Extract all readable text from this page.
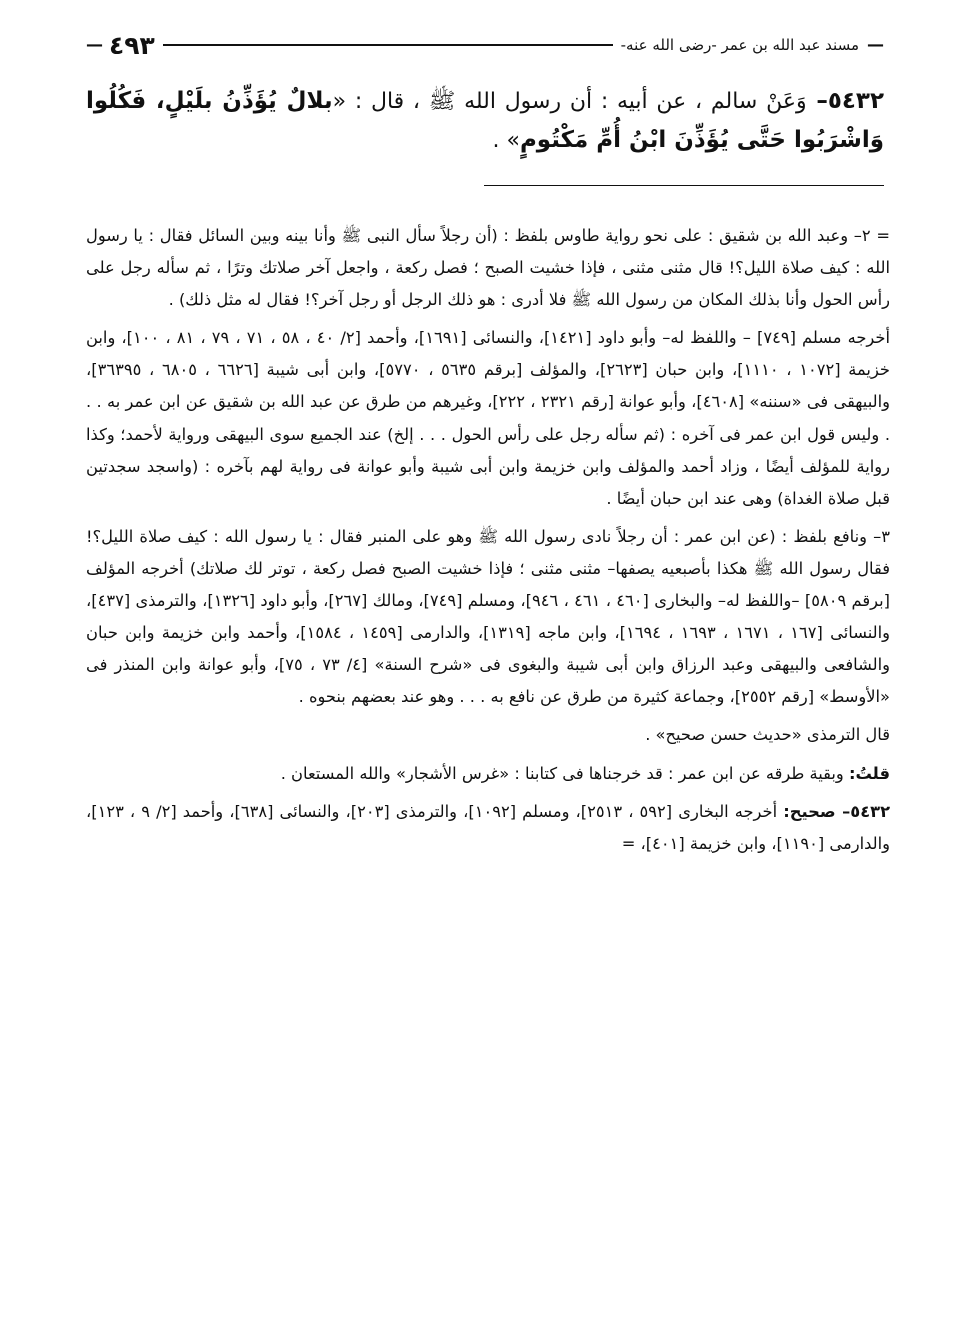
— ٤٩٣	مسند عبد الله بن عمر -رضى الله عنه- —
٥٤٣٢– وَعَنْ سالم ، عن أبيه : أن رسول الله ﷺ ، قال : «بلالٌ يُؤَذِّنُ بلَيْلٍ، فَكُلُوا وَاشْرَبُوا حَتَّى يُؤَذِّنَ ابْنُ أُمِّ مَكْتُومٍ» .

= ٢– وعبد الله بن شقيق : على نحو رواية طاوس بلفظ : (أن رجلاً سأل النبى ﷺ وأنا بينه وبين السائل فقال : يا رسول الله : كيف صلاة الليل؟! قال مثنى مثنى ، فإذا خشيت الصبح ؛ فصل ركعة ، واجعل آخر صلاتك وترًا ، ثم سأله رجل على رأس الحول وأنا بذلك المكان من رسول الله ﷺ فلا أدرى : هو ذلك الرجل أو رجل آخر؟! فقال له مثل ذلك) .

أخرجه مسلم [٧٤٩] – واللفظ له– وأبو داود [١٤٢١]، والنسائى [١٦٩١]، وأحمد [٢/ ٤٠ ، ٥٨ ، ٧١ ، ٧٩ ، ٨١ ، ١٠٠]، وابن خزيمة [١٠٧٢ ، ١١١٠]، وابن حبان [٢٦٢٣]، والمؤلف [برقم ٥٦٣٥ ، ٥٧٧٠]، وابن أبى شيبة [٦٦٢٦ ، ٦٨٠٥ ، ٣٦٣٩٥]، والبيهقى فى «سننه» [٤٦٠٨]، وأبو عوانة [رقم ٢٣٢١ ، ٢٢٢]، وغيرهم من طرق عن عبد الله بن شقيق عن ابن عمر به . . . وليس قول ابن عمر فى آخره : (ثم سأله رجل على رأس الحول . . . إلخ) عند الجميع سوى البيهقى ورواية لأحمد؛ وكذا رواية للمؤلف أيضًا ، وزاد أحمد والمؤلف وابن خزيمة وابن أبى شيبة وأبو عوانة فى رواية لهم بآخره : (واسجد سجدتين قبل صلاة الغداة) وهى عند ابن حبان أيضًا .

٣– ونافع بلفظ : (عن ابن عمر : أن رجلاً نادى رسول الله ﷺ وهو على المنبر فقال : يا رسول الله : كيف صلاة الليل؟! فقال رسول الله ﷺ هكذا بأصبعيه يصفها– مثنى مثنى ؛ فإذا خشيت الصبح فصل ركعة ، توتر لك صلاتك) أخرجه المؤلف [برقم ٥٨٠٩] –واللفظ له– والبخارى [٤٦٠ ، ٤٦١ ، ٩٤٦]، ومسلم [٧٤٩]، ومالك [٢٦٧]، وأبو داود [١٣٢٦]، والترمذى [٤٣٧]، والنسائى [١٦٧ ، ١٦٧١ ، ١٦٩٣ ، ١٦٩٤]، وابن ماجه [١٣١٩]، والدارمى [١٤٥٩ ، ١٥٨٤]، وأحمد وابن خزيمة وابن حبان والشافعى والبيهقى وعبد الرزاق وابن أبى شيبة والبغوى فى «شرح السنة» [٤/ ٧٣ ، ٧٥]، وأبو عوانة وابن المنذر فى «الأوسط» [رقم ٢٥٥٢]، وجماعة كثيرة من طرق عن نافع به . . . وهو عند بعضهم بنحوه .

قال الترمذى «حديث حسن صحيح» .

قلتُ: وبقية طرقه عن ابن عمر : قد خرجناها فى كتابنا : «غرس الأشجار» والله المستعان .

٥٤٣٢– صحيح: أخرجه البخارى [٥٩٢ ، ٢٥١٣]، ومسلم [١٠٩٢]، والترمذى [٢٠٣]، والنسائى [٦٣٨]، وأحمد [٢/ ٩ ، ١٢٣]، والدارمى [١١٩٠]، وابن خزيمة [٤٠١]، =
